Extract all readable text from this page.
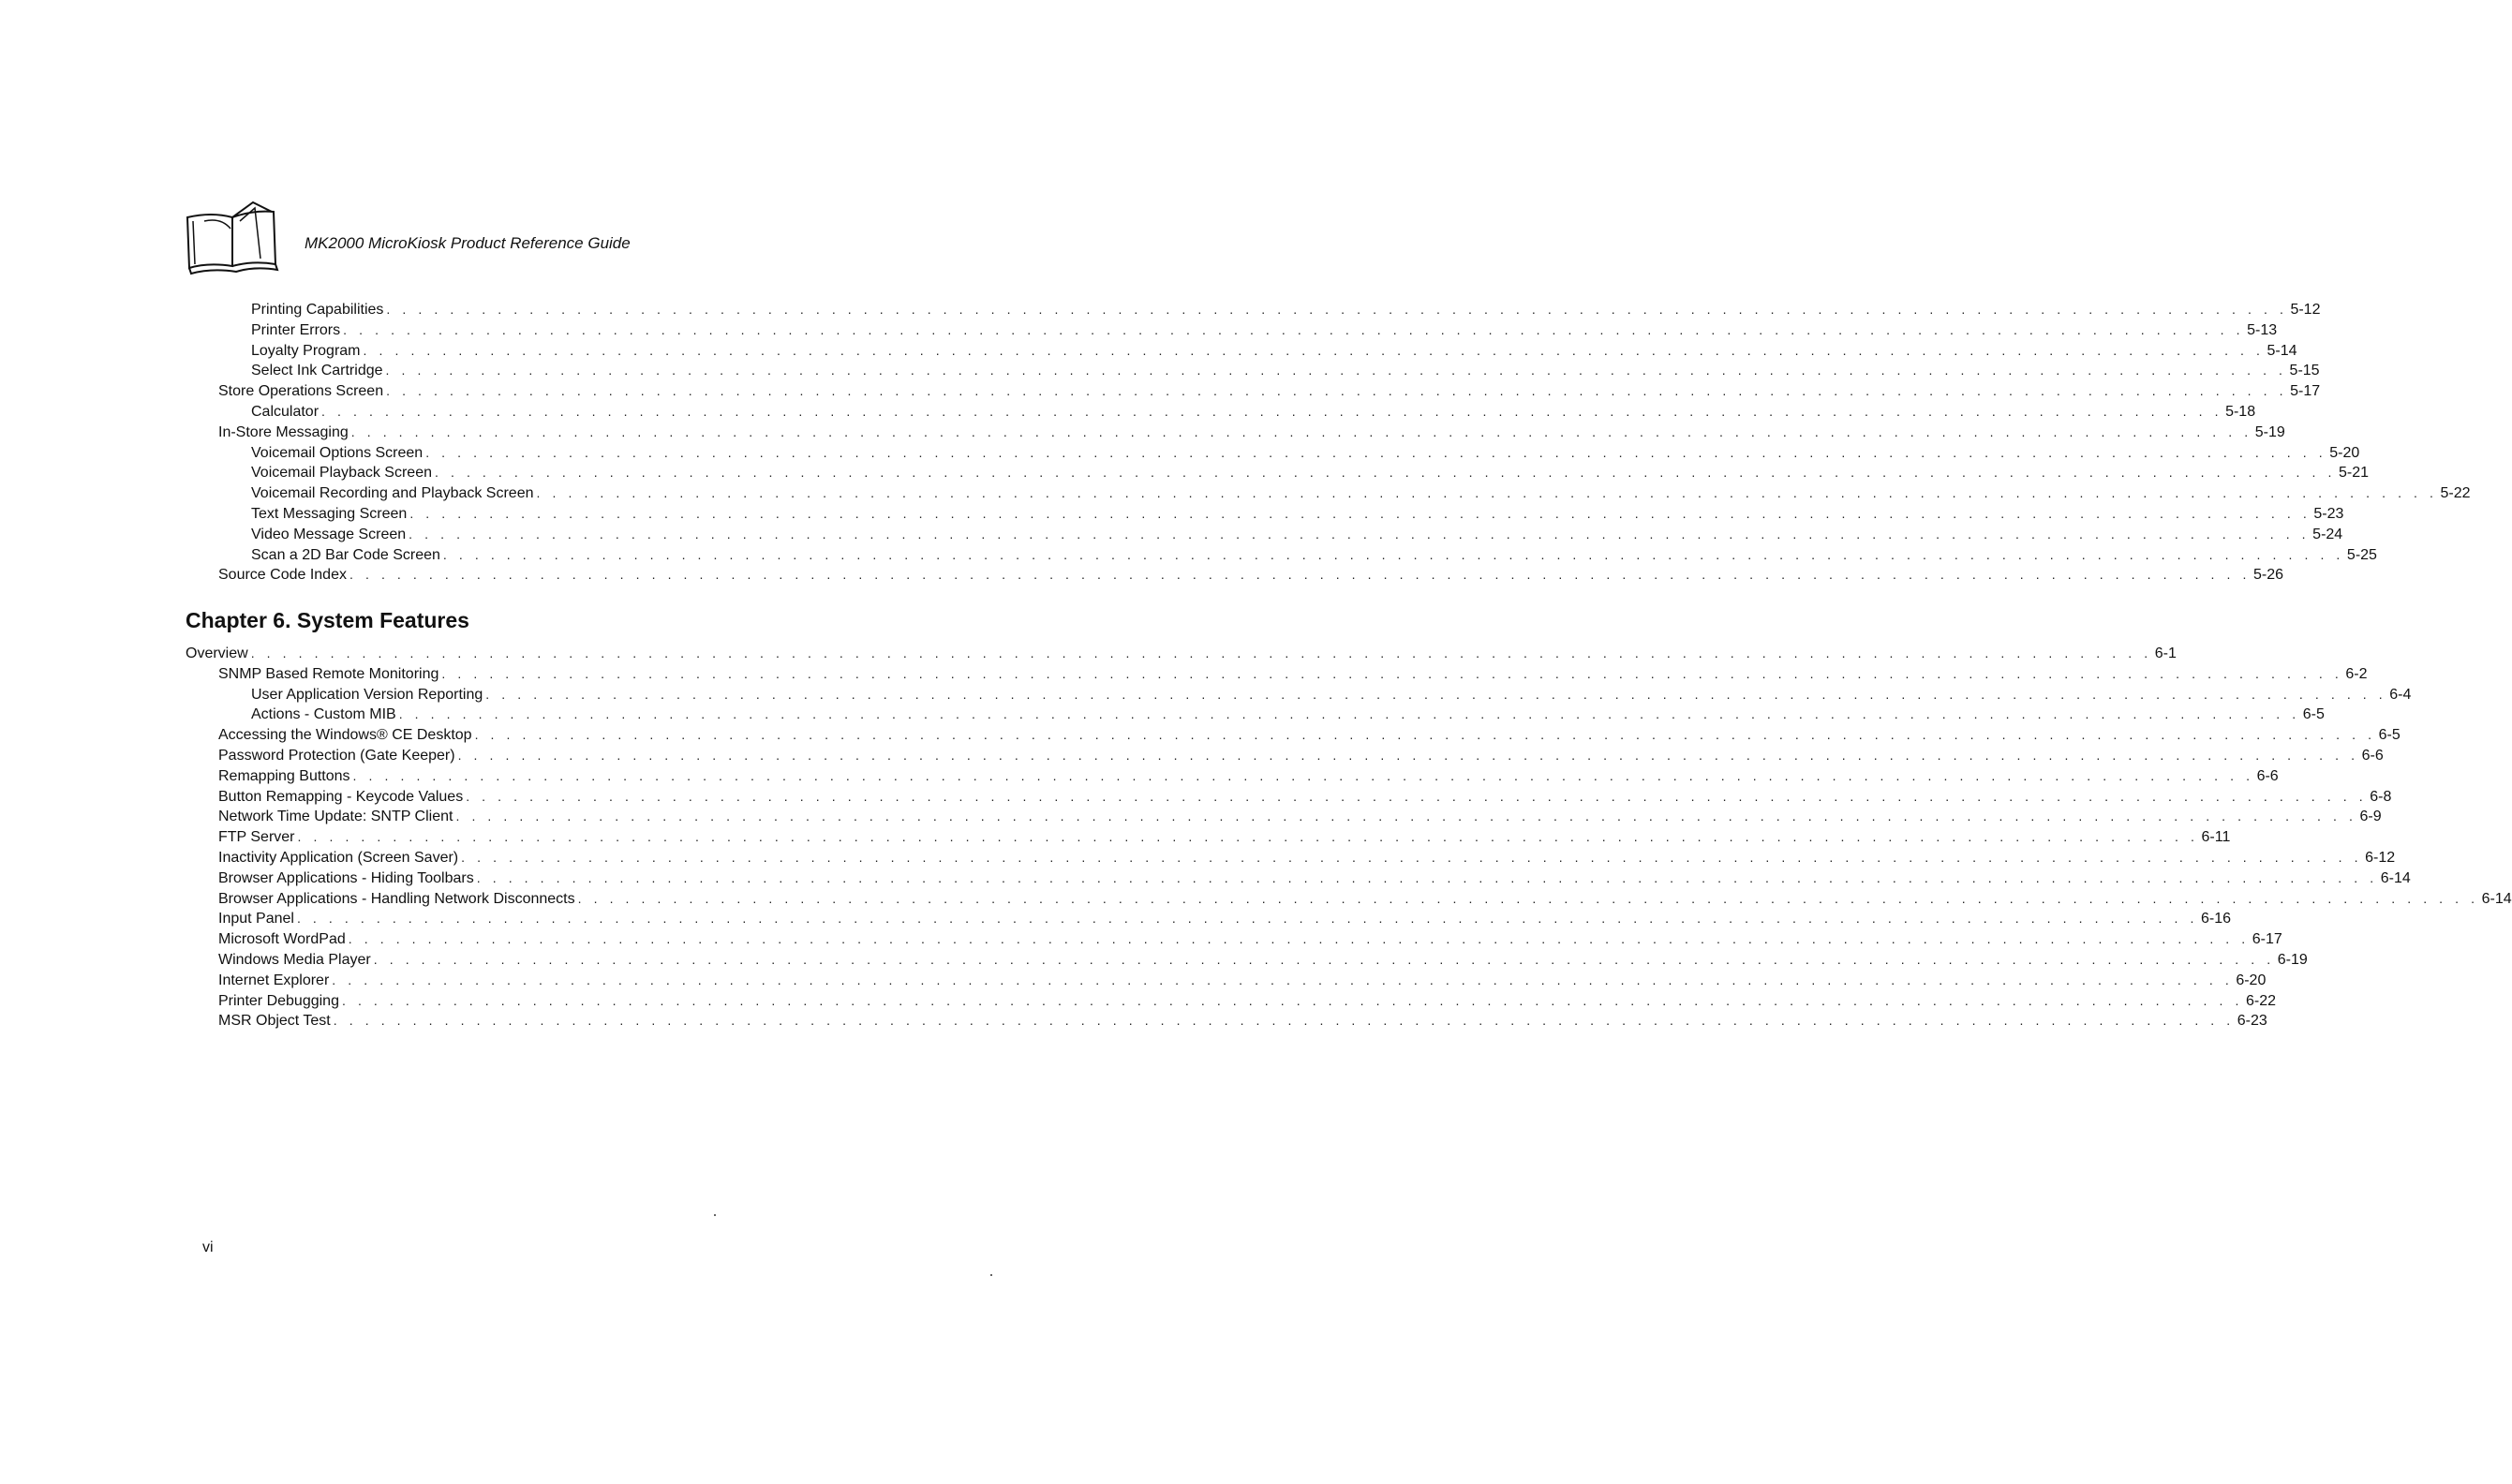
MK2000 MicroKiosk Product Reference Guide
Printing Capabilities . . . . . . . . . . . . . . . . . . . . . . . . . . . . . . . . . . . . . . . . . . . . . . . . . . . . . . . . . . . . . . . . . . . . . . . . . . . . . . . . . . . . . . . . . . . . . . . . . . . . . . . . . . . . . . . . . . . . . . . . 5-12
Printer Errors . . . . . . . . . . . . . . . . . . . . . . . . . . . . . . . . . . . . . . . . . . . . . . . . . . . . . . . . . . . . . . . . . . . . . . . . . . . . . . . . . . . . . . . . . . . . . . . . . . . . . . . . . . . . . . . . . . . . . . . . 5-13
Loyalty Program . . . . . . . . . . . . . . . . . . . . . . . . . . . . . . . . . . . . . . . . . . . . . . . . . . . . . . . . . . . . . . . . . . . . . . . . . . . . . . . . . . . . . . . . . . . . . . . . . . . . . . . . . . . . . . . . . . . . . . . . 5-14
Select Ink Cartridge . . . . . . . . . . . . . . . . . . . . . . . . . . . . . . . . . . . . . . . . . . . . . . . . . . . . . . . . . . . . . . . . . . . . . . . . . . . . . . . . . . . . . . . . . . . . . . . . . . . . . . . . . . . . . . . . . . . . . . . . 5-15
Store Operations Screen . . . . . . . . . . . . . . . . . . . . . . . . . . . . . . . . . . . . . . . . . . . . . . . . . . . . . . . . . . . . . . . . . . . . . . . . . . . . . . . . . . . . . . . . . . . . . . . . . . . . . . . . . . . . . . . . . . . . . . . . 5-17
Calculator . . . . . . . . . . . . . . . . . . . . . . . . . . . . . . . . . . . . . . . . . . . . . . . . . . . . . . . . . . . . . . . . . . . . . . . . . . . . . . . . . . . . . . . . . . . . . . . . . . . . . . . . . . . . . . . . . . . . . . . . 5-18
In-Store Messaging . . . . . . . . . . . . . . . . . . . . . . . . . . . . . . . . . . . . . . . . . . . . . . . . . . . . . . . . . . . . . . . . . . . . . . . . . . . . . . . . . . . . . . . . . . . . . . . . . . . . . . . . . . . . . . . . . . . . . . . . 5-19
Voicemail Options Screen . . . . . . . . . . . . . . . . . . . . . . . . . . . . . . . . . . . . . . . . . . . . . . . . . . . . . . . . . . . . . . . . . . . . . . . . . . . . . . . . . . . . . . . . . . . . . . . . . . . . . . . . . . . . . . . . . . . . . . . . 5-20
Voicemail Playback Screen . . . . . . . . . . . . . . . . . . . . . . . . . . . . . . . . . . . . . . . . . . . . . . . . . . . . . . . . . . . . . . . . . . . . . . . . . . . . . . . . . . . . . . . . . . . . . . . . . . . . . . . . . . . . . . . . . . . . . . . . 5-21
Voicemail Recording and Playback Screen . . . . . . . . . . . . . . . . . . . . . . . . . . . . . . . . . . . . . . . . . . . . . . . . . . . . . . . . . . . . . . . . . . . . . . . . . . . . . . . . . . . . . . . . . . . . . . . . . . . . . . . . . . . . . . . . . . . . . . . . 5-22
Text Messaging Screen . . . . . . . . . . . . . . . . . . . . . . . . . . . . . . . . . . . . . . . . . . . . . . . . . . . . . . . . . . . . . . . . . . . . . . . . . . . . . . . . . . . . . . . . . . . . . . . . . . . . . . . . . . . . . . . . . . . . . . . . 5-23
Video Message Screen . . . . . . . . . . . . . . . . . . . . . . . . . . . . . . . . . . . . . . . . . . . . . . . . . . . . . . . . . . . . . . . . . . . . . . . . . . . . . . . . . . . . . . . . . . . . . . . . . . . . . . . . . . . . . . . . . . . . . . . . 5-24
Scan a 2D Bar Code Screen . . . . . . . . . . . . . . . . . . . . . . . . . . . . . . . . . . . . . . . . . . . . . . . . . . . . . . . . . . . . . . . . . . . . . . . . . . . . . . . . . . . . . . . . . . . . . . . . . . . . . . . . . . . . . . . . . . . . . . . . 5-25
Source Code Index . . . . . . . . . . . . . . . . . . . . . . . . . . . . . . . . . . . . . . . . . . . . . . . . . . . . . . . . . . . . . . . . . . . . . . . . . . . . . . . . . . . . . . . . . . . . . . . . . . . . . . . . . . . . . . . . . . . . . . . . 5-26
Overview . . . . . . . . . . . . . . . . . . . . . . . . . . . . . . . . . . . . . . . . . . . . . . . . . . . . . . . . . . . . . . . . . . . . . . . . . . . . . . . . . . . . . . . . . . . . . . . . . . . . . . . . . . . . . . . . . . . . . . . . 6-1
SNMP Based Remote Monitoring . . . . . . . . . . . . . . . . . . . . . . . . . . . . . . . . . . . . . . . . . . . . . . . . . . . . . . . . . . . . . . . . . . . . . . . . . . . . . . . . . . . . . . . . . . . . . . . . . . . . . . . . . . . . . . . . . . . . . . . . 6-2
User Application Version Reporting . . . . . . . . . . . . . . . . . . . . . . . . . . . . . . . . . . . . . . . . . . . . . . . . . . . . . . . . . . . . . . . . . . . . . . . . . . . . . . . . . . . . . . . . . . . . . . . . . . . . . . . . . . . . . . . . . . . . . . . . 6-4
Actions - Custom MIB . . . . . . . . . . . . . . . . . . . . . . . . . . . . . . . . . . . . . . . . . . . . . . . . . . . . . . . . . . . . . . . . . . . . . . . . . . . . . . . . . . . . . . . . . . . . . . . . . . . . . . . . . . . . . . . . . . . . . . . . 6-5
Accessing the Windows® CE Desktop . . . . . . . . . . . . . . . . . . . . . . . . . . . . . . . . . . . . . . . . . . . . . . . . . . . . . . . . . . . . . . . . . . . . . . . . . . . . . . . . . . . . . . . . . . . . . . . . . . . . . . . . . . . . . . . . . . . . . . . . 6-5
Password Protection (Gate Keeper) . . . . . . . . . . . . . . . . . . . . . . . . . . . . . . . . . . . . . . . . . . . . . . . . . . . . . . . . . . . . . . . . . . . . . . . . . . . . . . . . . . . . . . . . . . . . . . . . . . . . . . . . . . . . . . . . . . . . . . . . 6-6
Remapping Buttons . . . . . . . . . . . . . . . . . . . . . . . . . . . . . . . . . . . . . . . . . . . . . . . . . . . . . . . . . . . . . . . . . . . . . . . . . . . . . . . . . . . . . . . . . . . . . . . . . . . . . . . . . . . . . . . . . . . . . . . . 6-6
Button Remapping - Keycode Values . . . . . . . . . . . . . . . . . . . . . . . . . . . . . . . . . . . . . . . . . . . . . . . . . . . . . . . . . . . . . . . . . . . . . . . . . . . . . . . . . . . . . . . . . . . . . . . . . . . . . . . . . . . . . . . . . . . . . . . . 6-8
Network Time Update: SNTP Client . . . . . . . . . . . . . . . . . . . . . . . . . . . . . . . . . . . . . . . . . . . . . . . . . . . . . . . . . . . . . . . . . . . . . . . . . . . . . . . . . . . . . . . . . . . . . . . . . . . . . . . . . . . . . . . . . . . . . . . . 6-9
FTP Server . . . . . . . . . . . . . . . . . . . . . . . . . . . . . . . . . . . . . . . . . . . . . . . . . . . . . . . . . . . . . . . . . . . . . . . . . . . . . . . . . . . . . . . . . . . . . . . . . . . . . . . . . . . . . . . . . . . . . . . . 6-11
Inactivity Application (Screen Saver) . . . . . . . . . . . . . . . . . . . . . . . . . . . . . . . . . . . . . . . . . . . . . . . . . . . . . . . . . . . . . . . . . . . . . . . . . . . . . . . . . . . . . . . . . . . . . . . . . . . . . . . . . . . . . . . . . . . . . . . . 6-12
Browser Applications - Hiding Toolbars . . . . . . . . . . . . . . . . . . . . . . . . . . . . . . . . . . . . . . . . . . . . . . . . . . . . . . . . . . . . . . . . . . . . . . . . . . . . . . . . . . . . . . . . . . . . . . . . . . . . . . . . . . . . . . . . . . . . . . . . 6-14
Browser Applications - Handling Network Disconnects . . . . . . . . . . . . . . . . . . . . . . . . . . . . . . . . . . . . . . . . . . . . . . . . . . . . . . . . . . . . . . . . . . . . . . . . . . . . . . . . . . . . . . . . . . . . . . . . . . . . . . . . . . . . . . . . . . . . . . . . 6-14
Input Panel . . . . . . . . . . . . . . . . . . . . . . . . . . . . . . . . . . . . . . . . . . . . . . . . . . . . . . . . . . . . . . . . . . . . . . . . . . . . . . . . . . . . . . . . . . . . . . . . . . . . . . . . . . . . . . . . . . . . . . . . 6-16
Microsoft WordPad . . . . . . . . . . . . . . . . . . . . . . . . . . . . . . . . . . . . . . . . . . . . . . . . . . . . . . . . . . . . . . . . . . . . . . . . . . . . . . . . . . . . . . . . . . . . . . . . . . . . . . . . . . . . . . . . . . . . . . . . 6-17
Windows Media Player . . . . . . . . . . . . . . . . . . . . . . . . . . . . . . . . . . . . . . . . . . . . . . . . . . . . . . . . . . . . . . . . . . . . . . . . . . . . . . . . . . . . . . . . . . . . . . . . . . . . . . . . . . . . . . . . . . . . . . . . 6-19
Internet Explorer . . . . . . . . . . . . . . . . . . . . . . . . . . . . . . . . . . . . . . . . . . . . . . . . . . . . . . . . . . . . . . . . . . . . . . . . . . . . . . . . . . . . . . . . . . . . . . . . . . . . . . . . . . . . . . . . . . . . . . . . 6-20
Printer Debugging . . . . . . . . . . . . . . . . . . . . . . . . . . . . . . . . . . . . . . . . . . . . . . . . . . . . . . . . . . . . . . . . . . . . . . . . . . . . . . . . . . . . . . . . . . . . . . . . . . . . . . . . . . . . . . . . . . . . . . . . 6-22
MSR Object Test . . . . . . . . . . . . . . . . . . . . . . . . . . . . . . . . . . . . . . . . . . . . . . . . . . . . . . . . . . . . . . . . . . . . . . . . . . . . . . . . . . . . . . . . . . . . . . . . . . . . . . . . . . . . . . . . . . . . . . . . 6-23
Chapter 6. System Features
vi
